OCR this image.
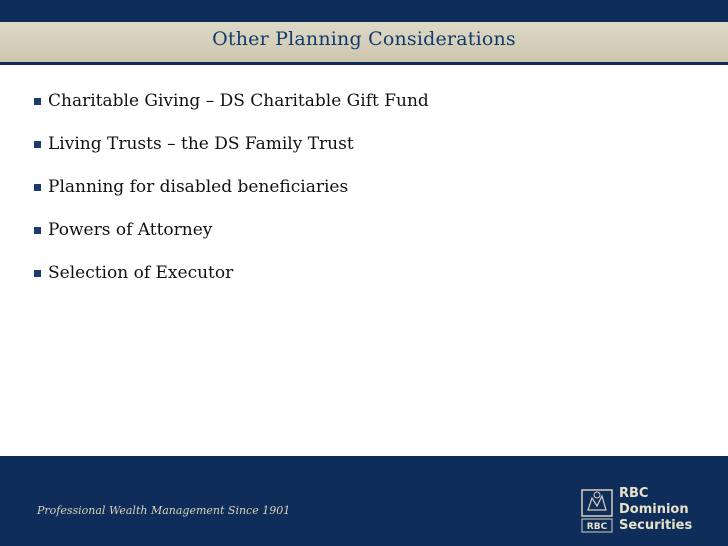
Other Planning Considerations
Charitable Giving – DS Charitable Gift Fund
Living Trusts – the DS Family Trust
Planning for disabled beneficiaries
Powers of Attorney
Selection of Executor
Professional Wealth Management Since 1901
RBC
RBC
Dominion
Securities
